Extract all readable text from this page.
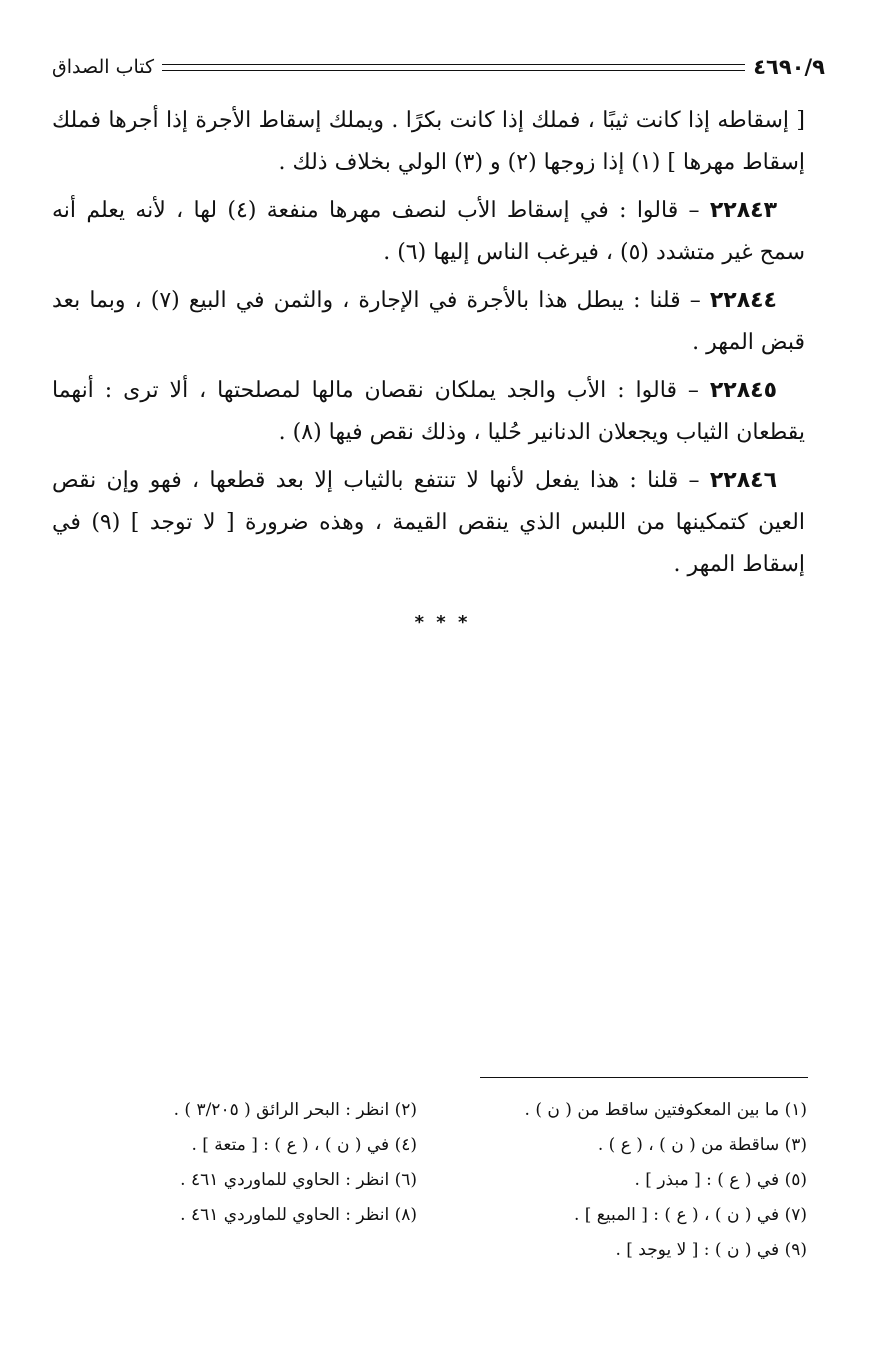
٤٦٩٠/٩
كتاب الصداق

[ إسقاطه إذا كانت ثيبًا ، فملك إذا كانت بكرًا . ويملك إسقاط الأجرة إذا أجرها فملك إسقاط مهرها ] (١) إذا زوجها (٢) و (٣) الولي بخلاف ذلك .

٢٢٨٤٣ – قالوا : في إسقاط الأب لنصف مهرها منفعة (٤) لها ، لأنه يعلم أنه سمح غير متشدد (٥) ، فيرغب الناس إليها (٦) .

٢٢٨٤٤ – قلنا : يبطل هذا بالأجرة في الإجارة ، والثمن في البيع (٧) ، وبما بعد قبض المهر .

٢٢٨٤٥ – قالوا : الأب والجد يملكان نقصان مالها لمصلحتها ، ألا ترى : أنهما يقطعان الثياب ويجعلان الدنانير حُليا ، وذلك نقص فيها (٨) .

٢٢٨٤٦ – قلنا : هذا يفعل لأنها لا تنتفع بالثياب إلا بعد قطعها ، فهو وإن نقص العين كتمكينها من اللبس الذي ينقص القيمة ، وهذه ضرورة [ لا توجد ] (٩) في إسقاط المهر .

* * *
(١) ما بين المعكوفتين ساقط من ( ن ) .
(٣) ساقطة من ( ن ) ، ( ع ) .
(٥) في ( ع ) : [ مبذر ] .
(٧) في ( ن ) ، ( ع ) : [ المبيع ] .
(٩) في ( ن ) : [ لا يوجد ] .
(٢) انظر : البحر الرائق ( ٣/٢٠٥ ) .
(٤) في ( ن ) ، ( ع ) : [ متعة ] .
(٦) انظر : الحاوي للماوردي ٤٦١ .
(٨) انظر : الحاوي للماوردي ٤٦١ .
